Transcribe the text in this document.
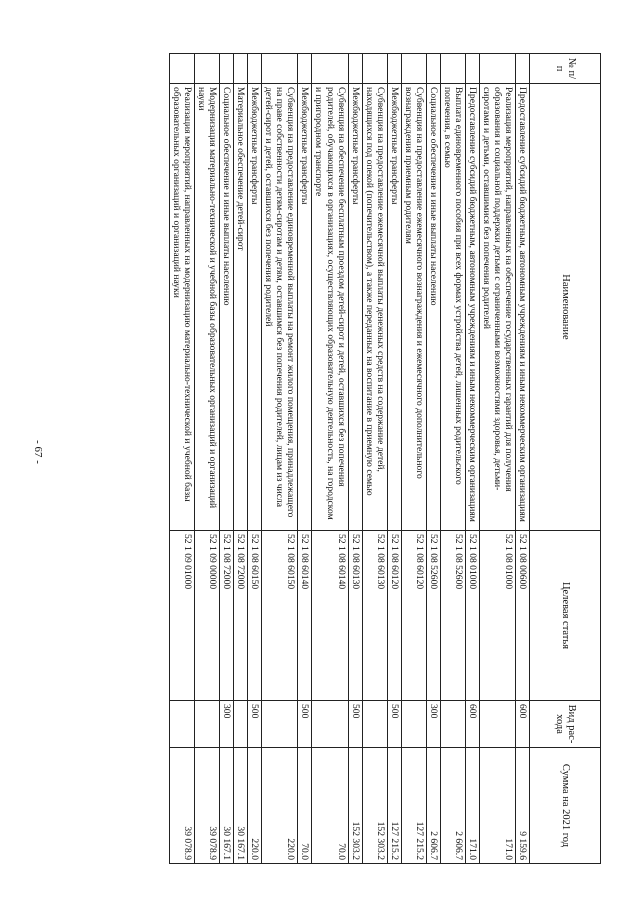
- 67 -
№ п/п	Наименование	Целевая статья	Вид рас-хода	Сумма на 2021 год
	Предоставление субсидий бюджетным, автономным учреждениям и иным некоммерческим организациям	52 1 08 00600	600	9 159.6
	Реализация мероприятий, направленных на обеспечение государственных гарантий для получения образования и социальной поддержки детьми с ограниченными возможностями здоровья, детьми-сиротами и детьми, оставшимися без попечения родителей	52 1 08 01000		171.0
	Предоставление субсидий бюджетным, автономным учреждениям и иным некоммерческим организациям	52 1 08 01000	600	171.0
	Выплата единовременного пособия при всех формах устройства детей, лишенных родительского попечения, в семью	52 1 08 52600		2 606.7
	Социальное обеспечение и иные выплаты населению	52 1 08 52600	300	2 606.7
	Субвенция на предоставление ежемесячного вознаграждения и ежемесячного дополнительного вознаграждения приемным родителям	52 1 08 60120		127 215.2
	Межбюджетные трансферты	52 1 08 60120	500	127 215.2
	Субвенция на предоставление ежемесячной выплаты денежных средств на содержание детей, находящихся под опекой (попечительством), а также переданных на воспитание в приемную семью	52 1 08 60130		152 303.2
	Межбюджетные трансферты	52 1 08 60130	500	152 303.2
	Субвенция на обеспечение бесплатным проездом детей-сирот и детей, оставшихся без попечения родителей, обучающихся в организациях, осуществляющих образовательную деятельность, на городском и пригородном транспорте	52 1 08 60140		70.0
	Межбюджетные трансферты	52 1 08 60140	500	70.0
	Субвенция на предоставление единовременной выплаты на ремонт жилого помещения, принадлежащего на праве собственности детям-сиротам и детям, оставшимся без попечения родителей, лицам из числа детей-сирот и детей, оставшихся без попечения родителей	52 1 08 60150		220.0
	Межбюджетные трансферты	52 1 08 60150	500	220.0
	Материальное обеспечение детей-сирот	52 1 08 72000		30 167.1
	Социальное обеспечение и иные выплаты населению	52 1 08 72000	300	30 167.1
	Модернизация материально-технической и учебной базы образовательных организаций и организаций науки	52 1 09 00000		39 078.9
	Реализация мероприятий, направленных на модернизацию материально-технической и учебной базы образовательных организаций и организаций науки	52 1 09 01000		39 078.9
